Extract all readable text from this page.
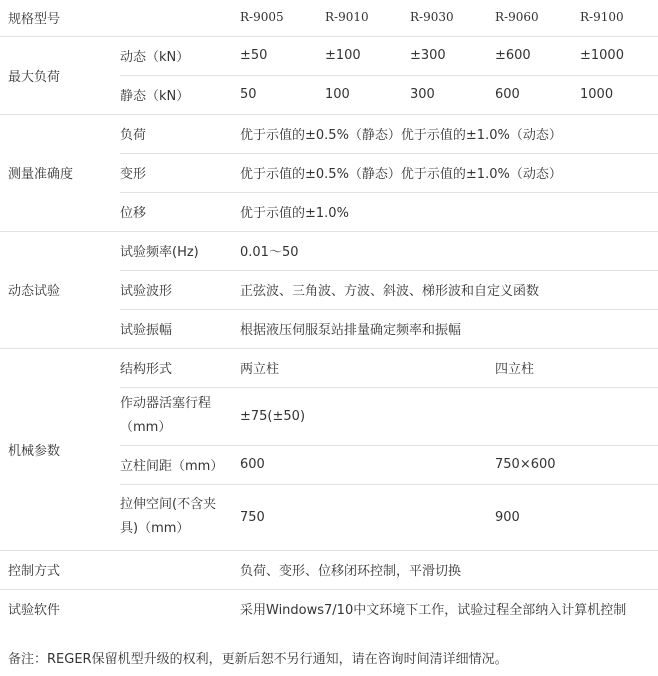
规格型号		R-9005 R-9010 R-9030 R-9060 R-9100
最大负荷	动态（kN）	±50 ±100 ±300 ±600 ±1000
	静态（kN）	50 100 300 600 1000
测量准确度	负荷	优于示值的±0.5%（静态）优于示值的±1.0%（动态）
	变形	优于示值的±0.5%（静态）优于示值的±1.0%（动态）
	位移	优于示值的±1.0%
动态试验	试验频率(Hz)	0.01～50
	试验波形	正弦波、三角波、方波、斜波、梯形波和自定义函数
	试验振幅	根据液压伺服泵站排量确定频率和振幅
机械参数	结构形式	两立柱 四立柱

	作动器活塞行程（mm）	±75(±50)
	立柱间距（mm）	600 750×600

	拉伸空间(不含夹具)（mm）	750 900
控制方式		负荷、变形、位移闭环控制，平滑切换
试验软件		采用Windows7/10中文环境下工作，试验过程全部纳入计算机控制
备注：REGER保留机型升级的权利，更新后恕不另行通知，请在咨询时间清详细情况。
